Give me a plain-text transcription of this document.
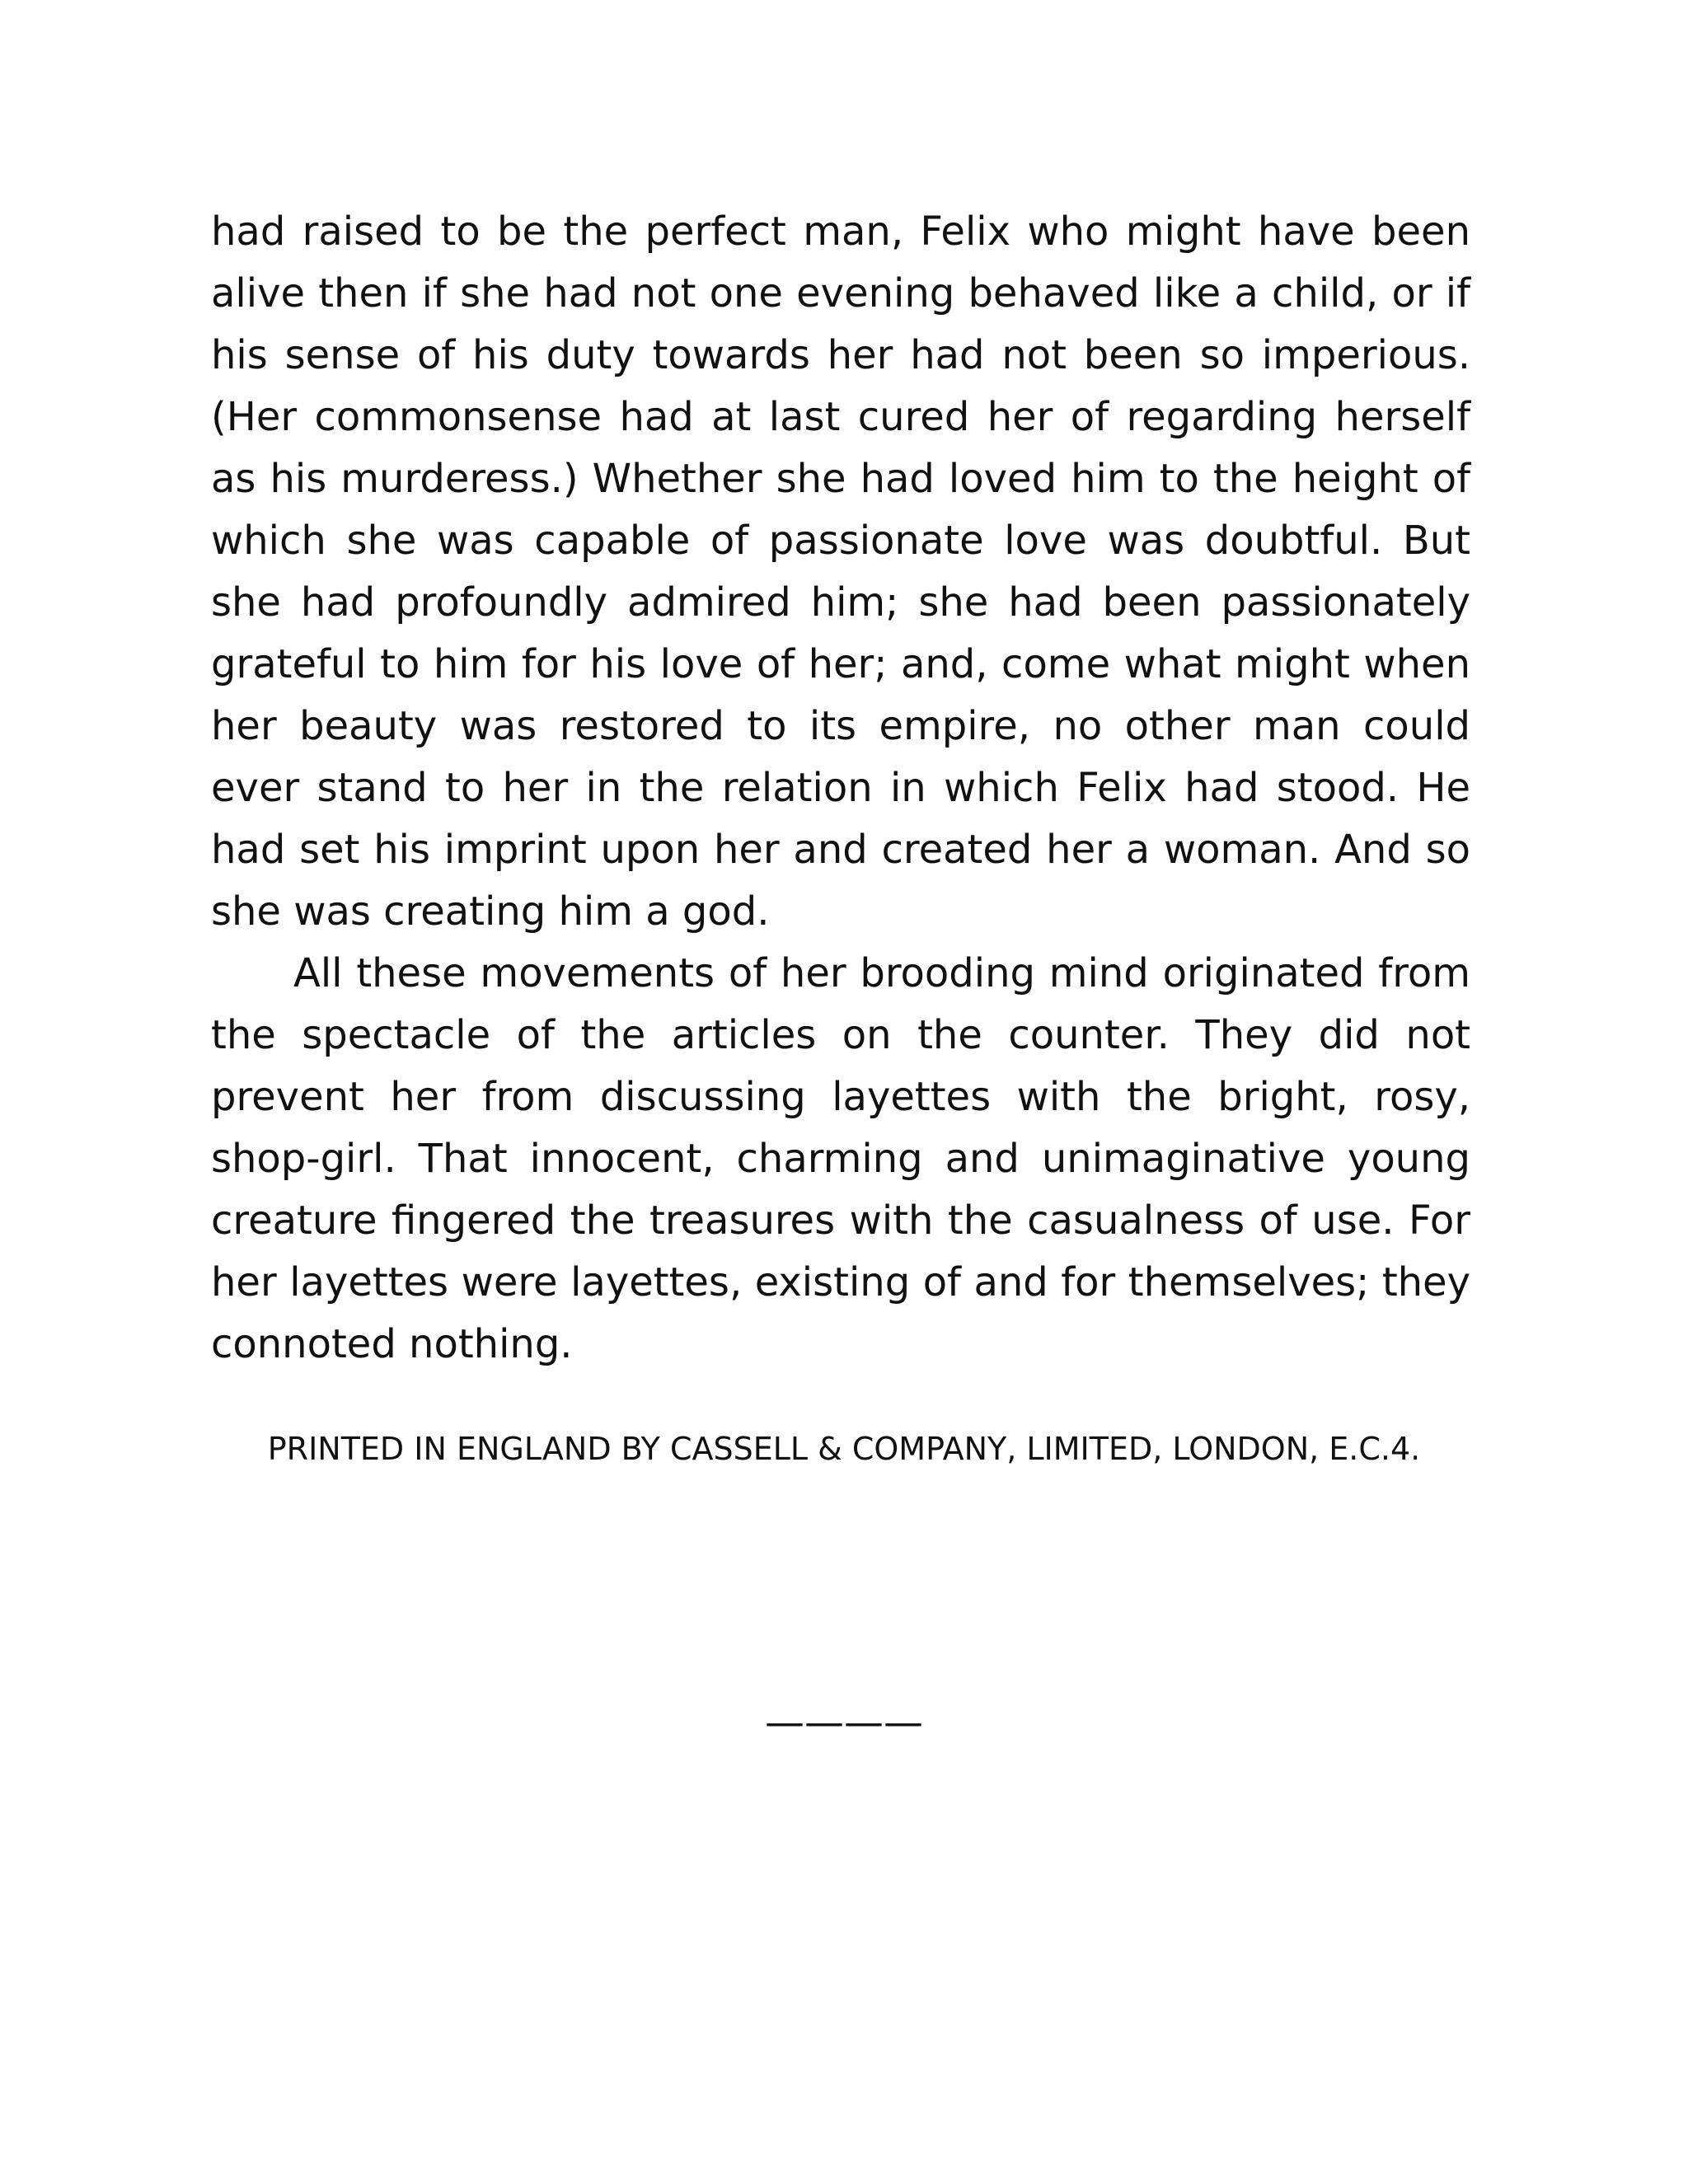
had raised to be the perfect man, Felix who might have been alive then if she had not one evening behaved like a child, or if his sense of his duty towards her had not been so imperious. (Her commonsense had at last cured her of regarding herself as his murderess.) Whether she had loved him to the height of which she was capable of passionate love was doubtful. But she had profoundly admired him; she had been passionately grateful to him for his love of her; and, come what might when her beauty was restored to its empire, no other man could ever stand to her in the relation in which Felix had stood. He had set his imprint upon her and created her a woman. And so she was creating him a god.

All these movements of her brooding mind originated from the spectacle of the articles on the counter. They did not prevent her from discussing layettes with the bright, rosy, shop-girl. That innocent, charming and unimaginative young creature fingered the treasures with the casualness of use. For her layettes were layettes, existing of and for themselves; they connoted nothing.

PRINTED IN ENGLAND BY CASSELL & COMPANY, LIMITED, LONDON, E.C.4.
————
